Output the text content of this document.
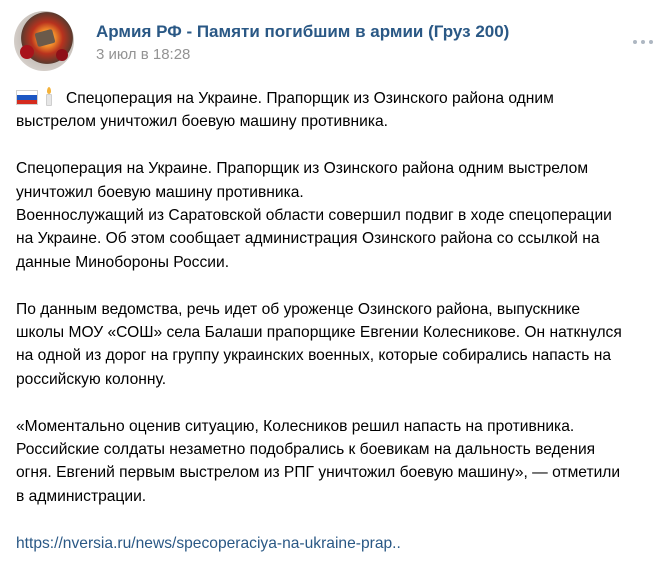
Армия РФ - Памяти погибшим в армии (Груз 200)
3 июл в 18:28
Спецоперация на Украине. Прапорщик из Озинского района одним
выстрелом уничтожил боевую машину противника.
Спецоперация на Украине. Прапорщик из Озинского района одним выстрелом
уничтожил боевую машину противника.
Военнослужащий из Саратовской области совершил подвиг в ходе спецоперации
на Украине. Об этом сообщает администрация Озинского района со ссылкой на
данные Минобороны России.
По данным ведомства, речь идет об уроженце Озинского района, выпускнике
школы МОУ «СОШ» села Балаши прапорщике Евгении Колесникове. Он наткнулся
на одной из дорог на группу украинских военных, которые собирались напасть на
российскую колонну.
«Моментально оценив ситуацию, Колесников решил напасть на противника.
Российские солдаты незаметно подобрались к боевикам на дальность ведения
огня. Евгений первым выстрелом из РПГ уничтожил боевую машину», — отметили
в администрации.
https://nversia.ru/news/specoperaciya-na-ukraine-prap..
